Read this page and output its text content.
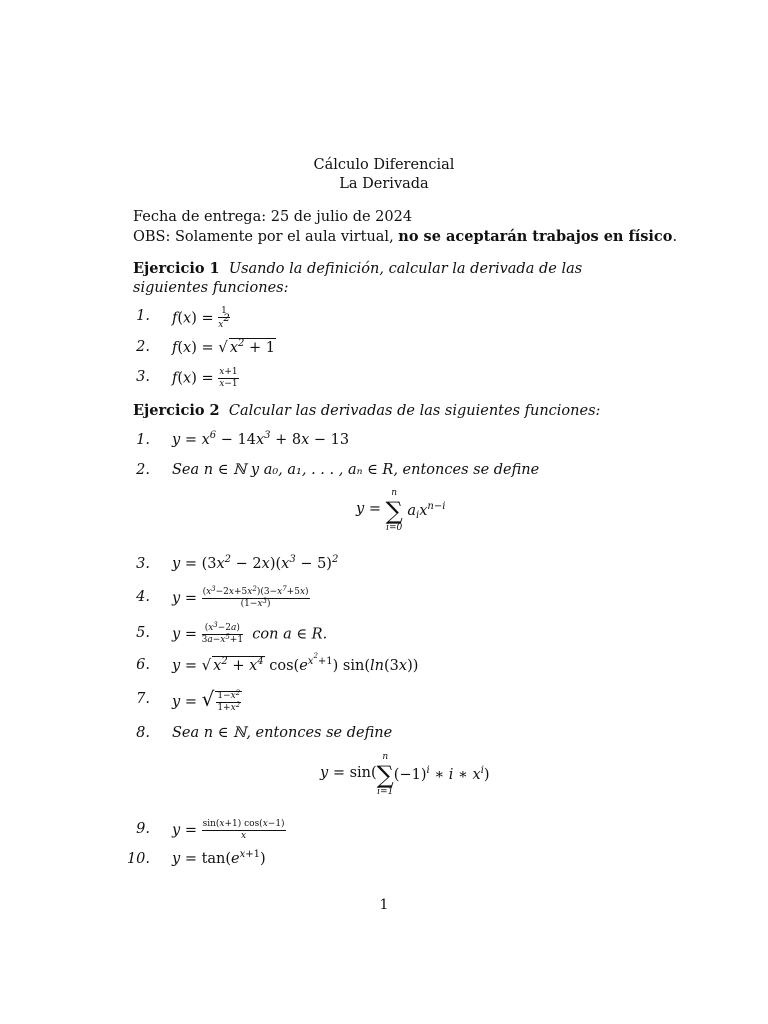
Cálculo Diferencial
La Derivada
Fecha de entrega: 25 de julio de 2024
OBS: Solamente por el aula virtual, no se aceptarán trabajos en físico.
Ejercicio 1 Usando la definición, calcular la derivada de las siguientes funciones:
1. $f(x) = \frac{1}{x^2}$
2. f(x) = √ $x^2 + 1$
3. $f(x) = \frac{x+1}{x-1}$
Ejercicio 2 Calcular las derivadas de las siguientes funciones:
1. $y = x^6 - 14x^3 + 8x - 13$
2. Sea n ∈ ℕ y a₀, a₁, . . . , aₙ ∈ R, entonces se define
y =
n
∑
i=0
$a_ix^{n-i}$
3. $y = (3x^2 - 2x)(x^3 - 5)^2$
4. $y = \frac{(x^3-2x+5x^2)(3-x^7+5x)}{(1-x^3)}$
5. $y = \frac{(x^3-2a)}{3a-x^5+1}$ con a ∈ R.
6. y = √ $x^2 + x^4$ $\cos(e^{x^2+1})$ sin(ln(3x))
7. y = √ $\frac{1-x^2}{1+x^2}$
8. Sea n ∈ ℕ, entonces se define
y = sin(
n
∑
i=1
$(-1)^i$ ∗ i ∗ $x^i$)
9. $y = \frac{\sin(x+1) \cos(x-1)}{x}$
10. $y = \tan(e^{x+1})$
1
